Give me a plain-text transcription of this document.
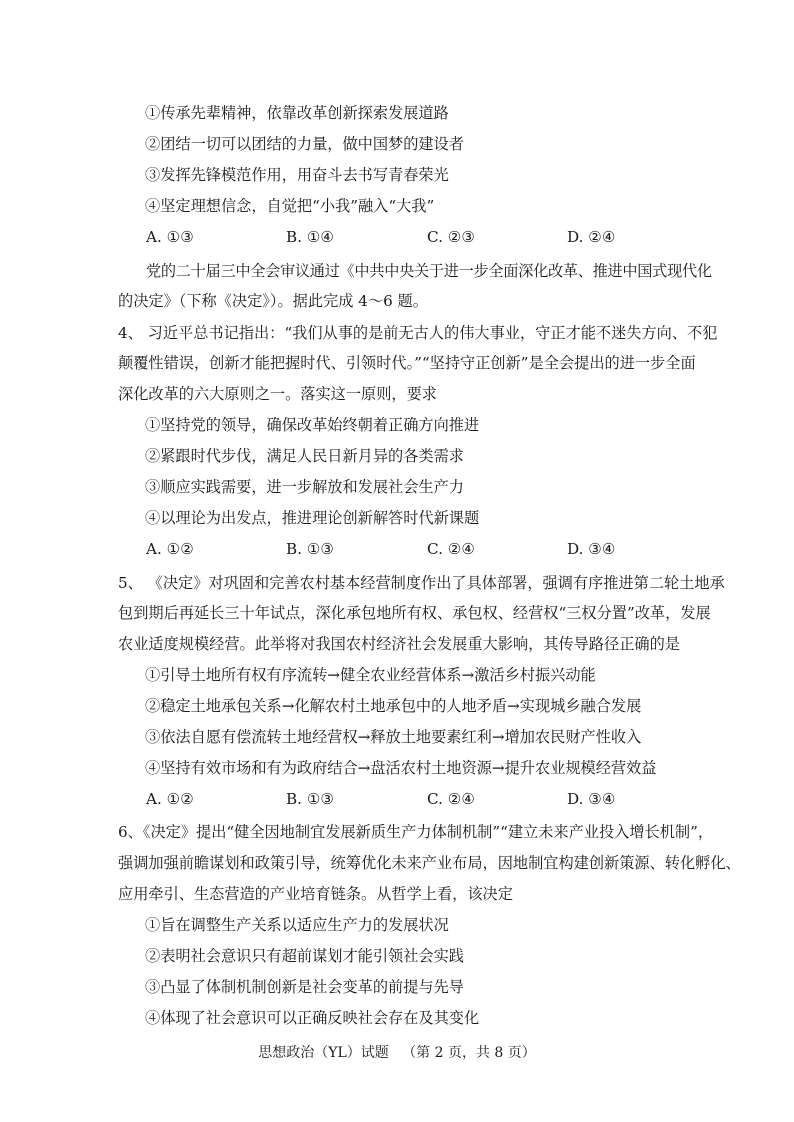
①传承先辈精神，依靠改革创新探索发展道路
②团结一切可以团结的力量，做中国梦的建设者
③发挥先锋模范作用，用奋斗去书写青春荣光
④坚定理想信念，自觉把“小我”融入“大我”
A. ①③	B. ①④	C. ②③	D. ②④
党的二十届三中全会审议通过《中共中央关于进一步全面深化改革、推进中国式现代化
的决定》（下称《决定》）。据此完成 4～6 题。
4、 习近平总书记指出：“我们从事的是前无古人的伟大事业，守正才能不迷失方向、不犯
颠覆性错误，创新才能把握时代、引领时代。”“坚持守正创新”是全会提出的进一步全面
深化改革的六大原则之一。落实这一原则，要求
①坚持党的领导，确保改革始终朝着正确方向推进
②紧跟时代步伐，满足人民日新月异的各类需求
③顺应实践需要，进一步解放和发展社会生产力
④以理论为出发点，推进理论创新解答时代新课题
A. ①②	B. ①③	C. ②④	D. ③④
5、 《决定》对巩固和完善农村基本经营制度作出了具体部署，强调有序推进第二轮土地承
包到期后再延长三十年试点，深化承包地所有权、承包权、经营权“三权分置”改革，发展
农业适度规模经营。此举将对我国农村经济社会发展重大影响，其传导路径正确的是
①引导土地所有权有序流转→健全农业经营体系→激活乡村振兴动能
②稳定土地承包关系→化解农村土地承包中的人地矛盾→实现城乡融合发展
③依法自愿有偿流转土地经营权→释放土地要素红利→增加农民财产性收入
④坚持有效市场和有为政府结合→盘活农村土地资源→提升农业规模经营效益
A. ①②	B. ①③	C. ②④	D. ③④
6、《决定》提出“健全因地制宜发展新质生产力体制机制”“建立未来产业投入增长机制”，
强调加强前瞻谋划和政策引导，统筹优化未来产业布局，因地制宜构建创新策源、转化孵化、
应用牵引、生态营造的产业培育链条。从哲学上看，该决定
①旨在调整生产关系以适应生产力的发展状况
②表明社会意识只有超前谋划才能引领社会实践
③凸显了体制机制创新是社会变革的前提与先导
④体现了社会意识可以正确反映社会存在及其变化
思想政治（YL）试题 （第 2 页，共 8 页）
